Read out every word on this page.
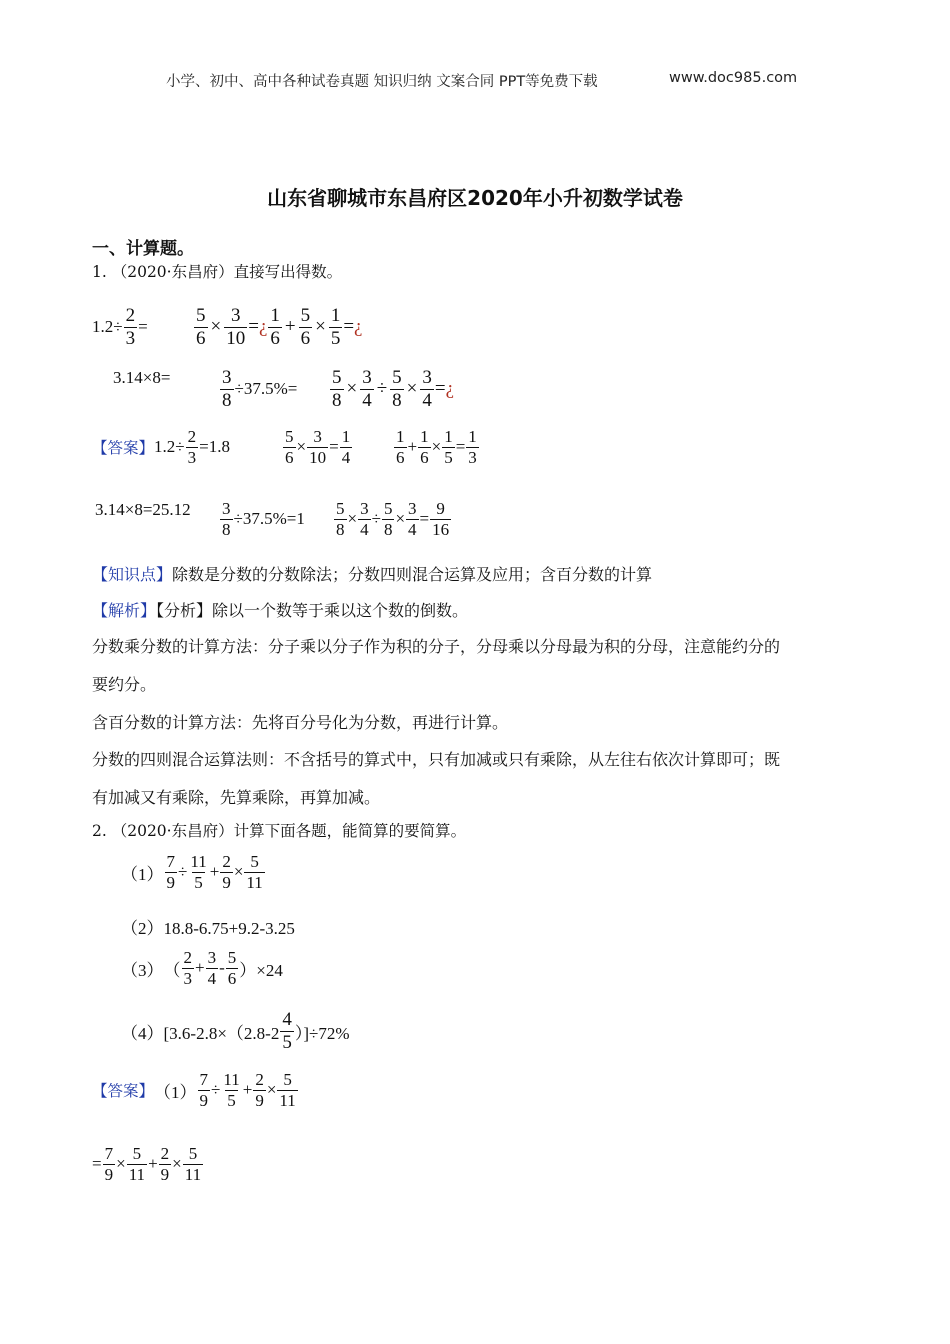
小学、初中、高中各种试卷真题 知识归纳 文案合同 PPT等免费下载	www.doc985.com
山东省聊城市东昌府区2020年小升初数学试卷
一、计算题。
1. （2020·东昌府）直接写出得数。
$1.2\div \frac{2}{3} = \frac{5}{6} \times \frac{3}{10}$ = ¿ $\frac{1}{6} + \frac{5}{6} \times \frac{1}{5}$ = ¿
3.14×8=	$\frac{3}{8} \div 37.5\%= \frac{5}{8} \times \frac{3}{4} \div \frac{5}{8} \times \frac{3}{4}$ = ¿
【答案】 $1.2\div \frac{2}{3} =1.8$	$\frac{5}{6} \times \frac{3}{10} = \frac{1}{4} \frac{1}{6} + \frac{1}{6} \times \frac{1}{5} = \frac{1}{3}$
$3.14\times 8=25.12 \frac{3}{8} \div 37.5\%=1 \frac{5}{8} \times \frac{3}{4} \div \frac{5}{8} \times \frac{3}{4} = \frac{9}{16}$
【知识点】除数是分数的分数除法；分数四则混合运算及应用；含百分数的计算
【解析】【分析】除以一个数等于乘以这个数的倒数。
分数乘分数的计算方法：分子乘以分子作为积的分子，分母乘以分母最为积的分母，注意能约分的
要约分。
含百分数的计算方法：先将百分号化为分数，再进行计算。
分数的四则混合运算法则：不含括号的算式中，只有加减或只有乘除，从左往右依次计算即可；既
有加减又有乘除，先算乘除，再算加减。
2. （2020·东昌府）计算下面各题，能简算的要简算。
$(1) \frac{7}{9} \div \frac{11}{5} + \frac{2}{9} \times \frac{5}{11}$
（2）18.8-6.75+9.2-3.25
（3） （ $\frac{2}{3} + \frac{3}{4} - \frac{5}{6} )\times 24$
$(4)[3.6-2.8\times(2.8-2 \frac{4}{5} )]\div 72\%$
【答案】 $(1) \frac{7}{9} \div \frac{11}{5} + \frac{2}{9} \times \frac{5}{11}$
= $\frac{7}{9} \times \frac{5}{11} + \frac{2}{9} \times \frac{5}{11}$
